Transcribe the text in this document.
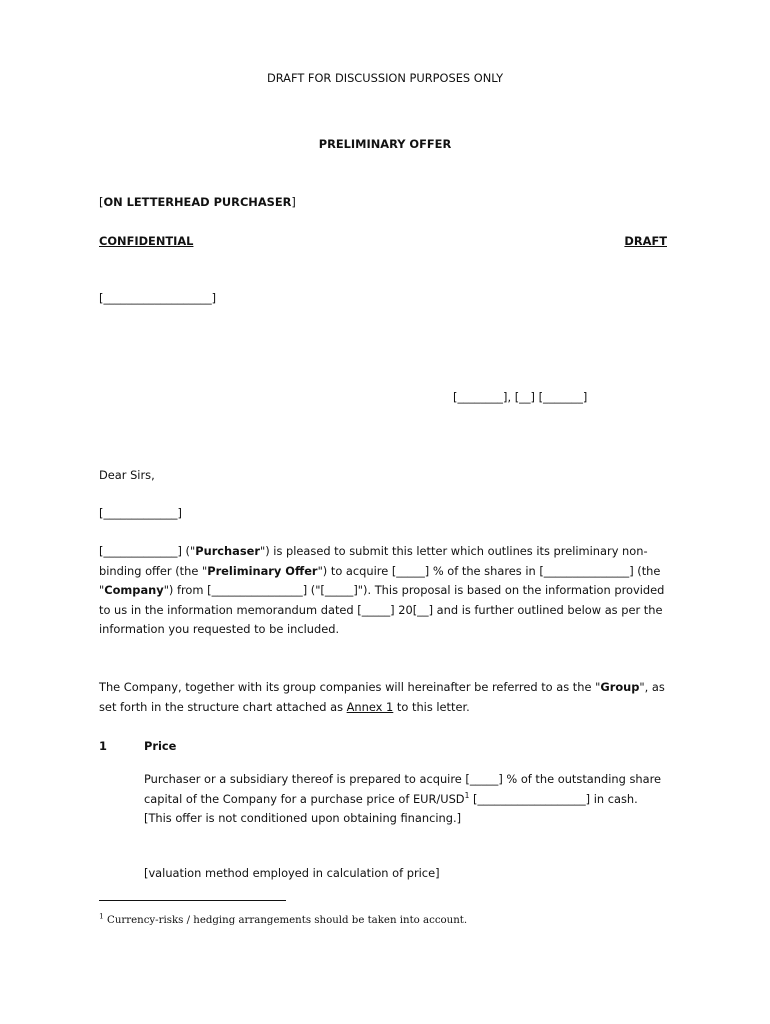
DRAFT FOR DISCUSSION PURPOSES ONLY
PRELIMINARY OFFER
[ON LETTERHEAD PURCHASER]
CONFIDENTIAL	DRAFT
[___________________]
[________], [__] [_______]
Dear Sirs,
[_____________]
[_____________] ("Purchaser") is pleased to submit this letter which outlines its preliminary non-binding offer (the "Preliminary Offer") to acquire [_____] % of the shares in [_______________] (the "Company") from [________________] ("[_____]"). This proposal is based on the information provided to us in the information memorandum dated [_____] 20[__] and is further outlined below as per the information you requested to be included.
The Company, together with its group companies will hereinafter be referred to as the "Group", as set forth in the structure chart attached as Annex 1 to this letter.
1	Price
Purchaser or a subsidiary thereof is prepared to acquire [_____] % of the outstanding share capital of the Company for a purchase price of EUR/USD$^1$ [___________________] in cash. [This offer is not conditioned upon obtaining financing.]
[valuation method employed in calculation of price]
$^1$ Currency-risks / hedging arrangements should be taken into account.
